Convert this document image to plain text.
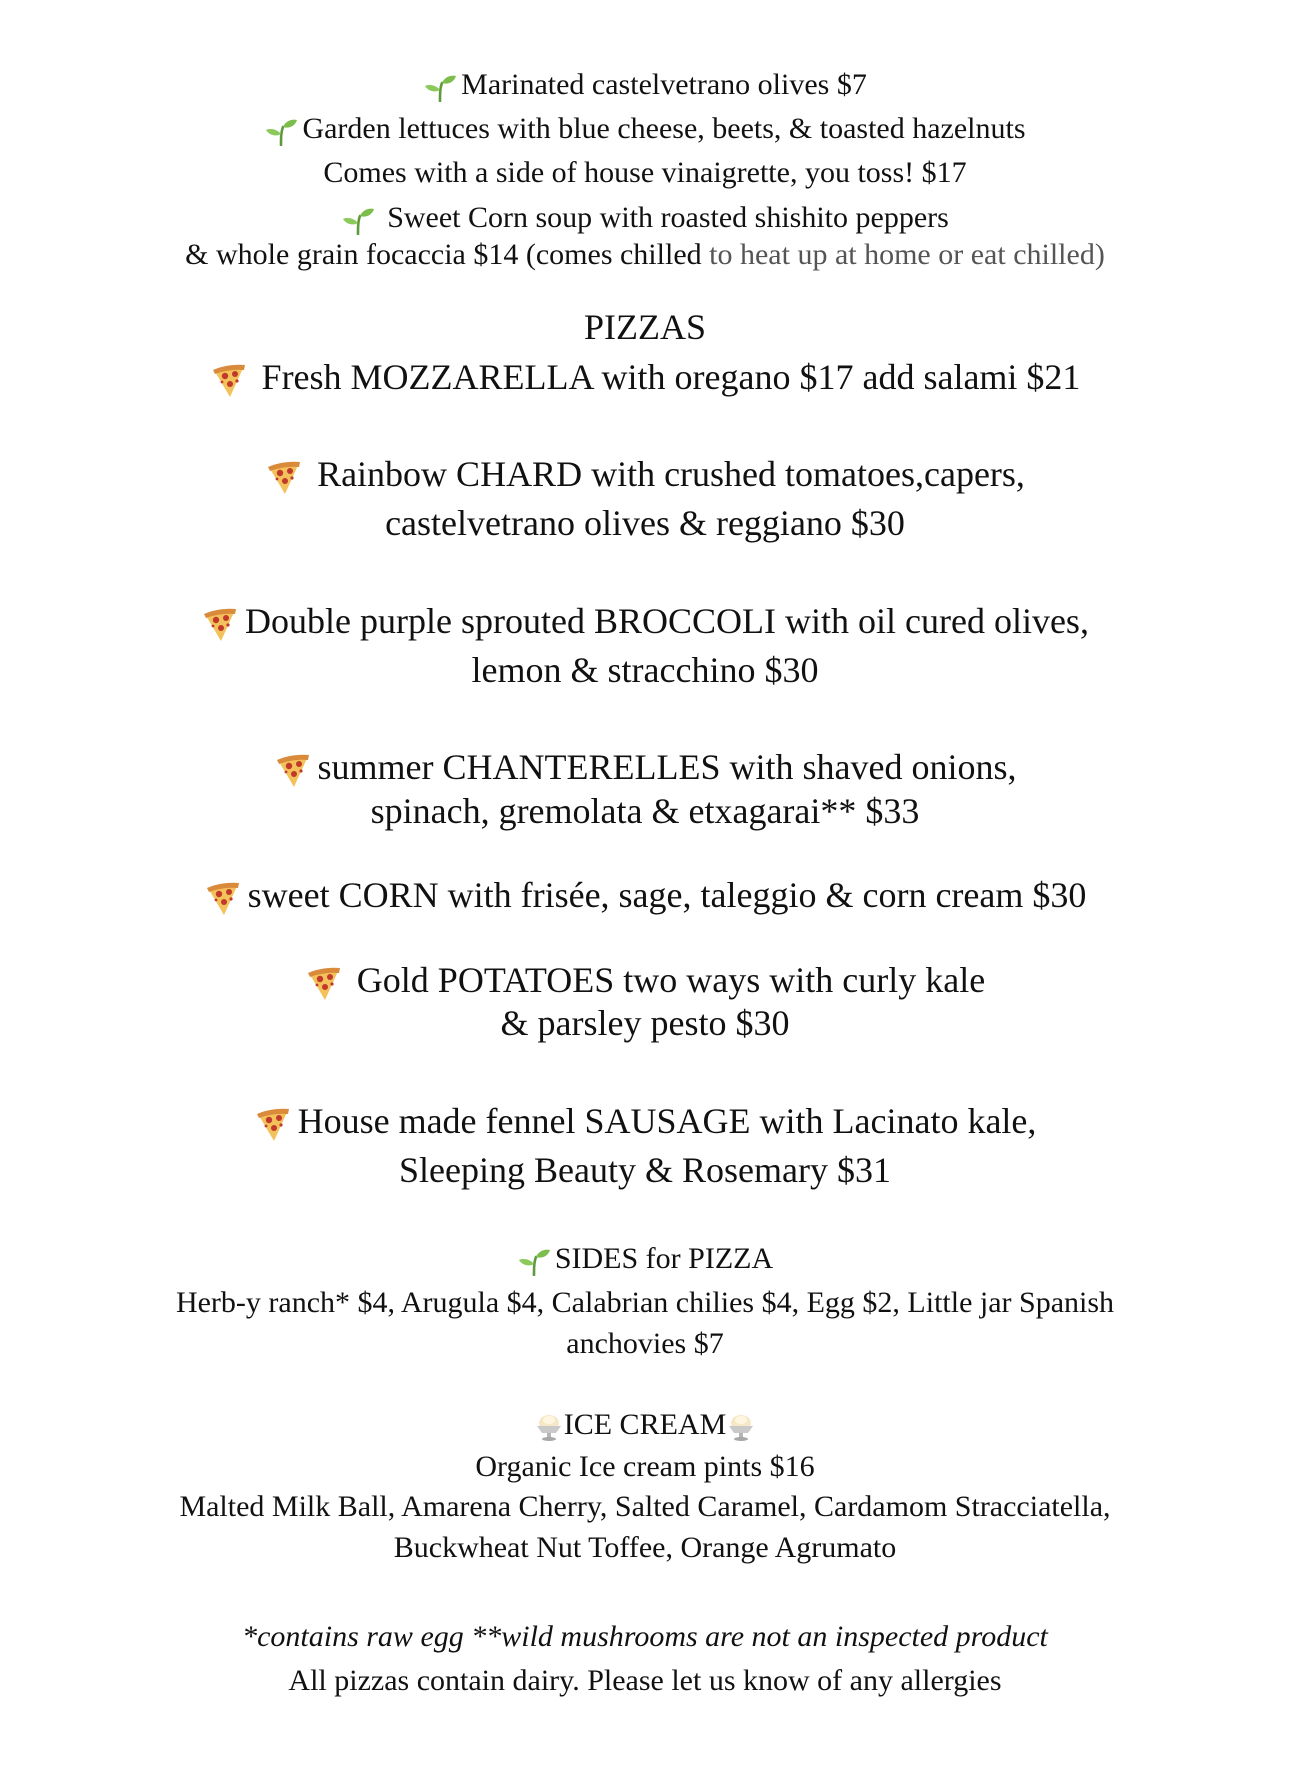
Marinated castelvetrano olives $7
Garden lettuces with blue cheese, beets, & toasted hazelnuts
Comes with a side of house vinaigrette, you toss! $17
Sweet Corn soup with roasted shishito peppers
& whole grain focaccia $14 (comes chilled to heat up at home or eat chilled)
PIZZAS
Fresh MOZZARELLA with oregano $17 add salami $21
Rainbow CHARD with crushed tomatoes,capers,
castelvetrano olives & reggiano $30
Double purple sprouted BROCCOLI with oil cured olives,
lemon & stracchino $30
summer CHANTERELLES with shaved onions,
spinach, gremolata & etxagarai** $33
sweet CORN with frisée, sage, taleggio & corn cream $30
Gold POTATOES two ways with curly kale
& parsley pesto $30
House made fennel SAUSAGE with Lacinato kale,
Sleeping Beauty & Rosemary $31
SIDES for PIZZA
Herb-y ranch* $4, Arugula $4, Calabrian chilies $4, Egg $2, Little jar Spanish
anchovies $7
ICE CREAM
Organic Ice cream pints $16
Malted Milk Ball, Amarena Cherry, Salted Caramel, Cardamom Stracciatella,
Buckwheat Nut Toffee, Orange Agrumato
*contains raw egg **wild mushrooms are not an inspected product
All pizzas contain dairy. Please let us know of any allergies
